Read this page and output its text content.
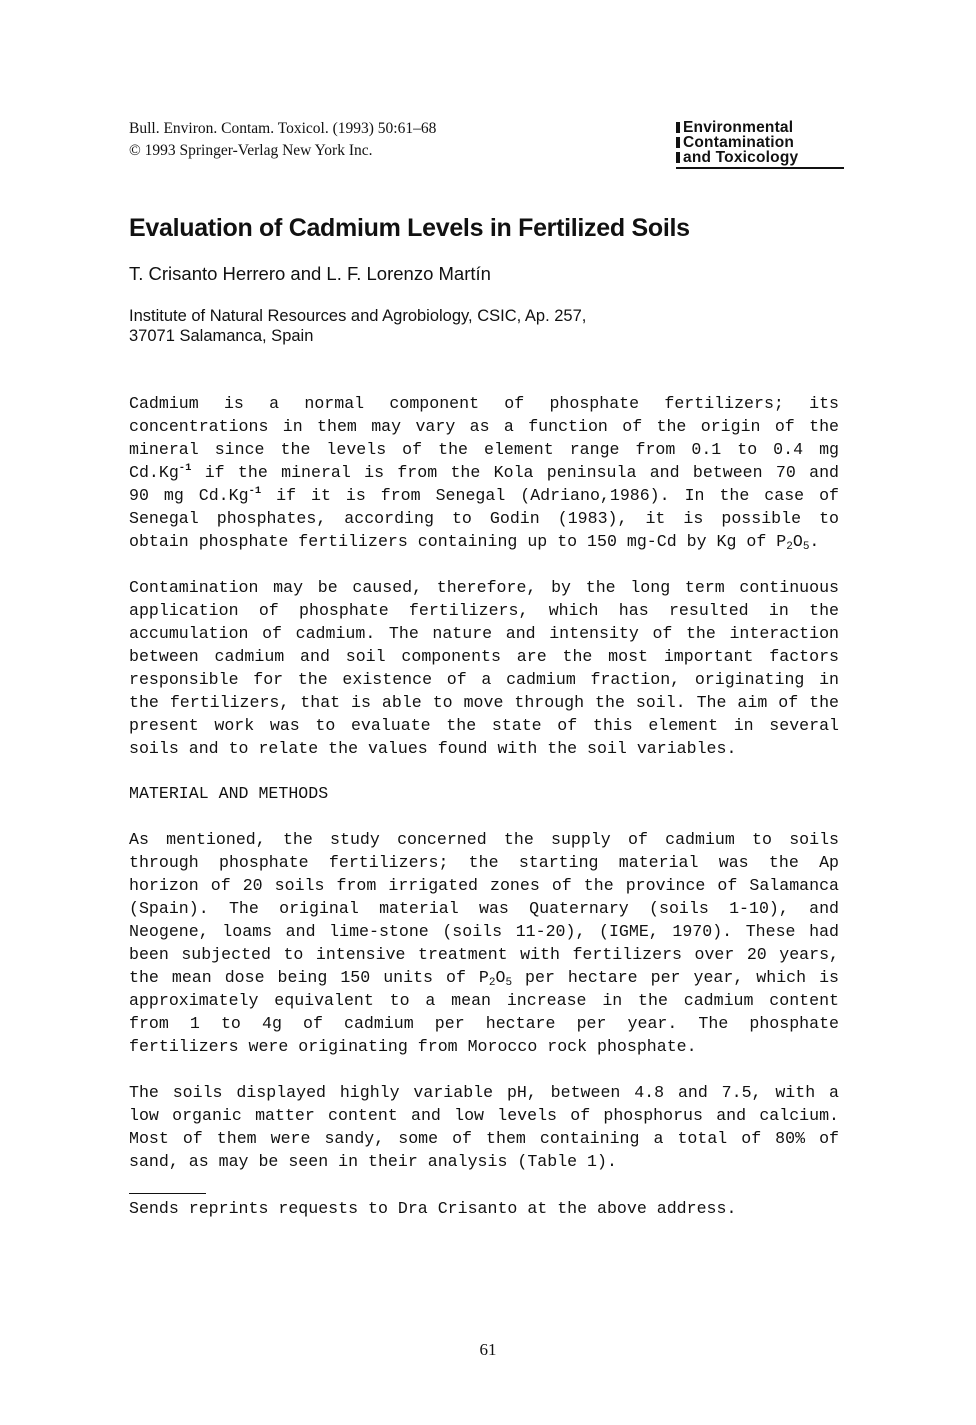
Bull. Environ. Contam. Toxicol. (1993) 50:61–68
© 1993 Springer-Verlag New York Inc.
Environmental
Contamination
and Toxicology
Evaluation of Cadmium Levels in Fertilized Soils
T. Crisanto Herrero and L. F. Lorenzo Martín
Institute of Natural Resources and Agrobiology, CSIC, Ap. 257,
37071 Salamanca, Spain
Cadmium is a normal component of phosphate fertilizers; its
concentrations in them may vary as a function of the origin of the
mineral since the levels of the element range from 0.1 to 0.4 mg
$Cd.Kg^{-1}$ if the mineral is from the Kola peninsula and between 70 and
90 mg $Cd.Kg^{-1}$ if it is from Senegal (Adriano,1986). In the case of
Senegal phosphates, according to Godin (1983), it is possible to
obtain phosphate fertilizers containing up to 150 mg-Cd by Kg of $P_2O_5$.
Contamination may be caused, therefore, by the long term continuous
application of phosphate fertilizers, which has resulted in the
accumulation of cadmium. The nature and intensity of the interaction
between cadmium and soil components are the most important factors
responsible for the existence of a cadmium fraction, originating in
the fertilizers, that is able to move through the soil. The aim of the
present work was to evaluate the state of this element in several
soils and to relate the values found with the soil variables.
MATERIAL AND METHODS
As mentioned, the study concerned the supply of cadmium to soils
through phosphate fertilizers; the starting material was the Ap
horizon of 20 soils from irrigated zones of the province of Salamanca
(Spain). The original material was Quaternary (soils 1-10), and
Neogene, loams and lime-stone (soils 11-20), (IGME, 1970). These had
been subjected to intensive treatment with fertilizers over 20 years,
the mean dose being 150 units of $P_2O_5$ per hectare per year, which is
approximately equivalent to a mean increase in the cadmium content
from 1 to 4g of cadmium per hectare per year. The phosphate
fertilizers were originating from Morocco rock phosphate.
The soils displayed highly variable pH, between 4.8 and 7.5, with a
low organic matter content and low levels of phosphorus and calcium.
Most of them were sandy, some of them containing a total of 80% of
sand, as may be seen in their analysis (Table 1).
Sends reprints requests to Dra Crisanto at the above address.
61
